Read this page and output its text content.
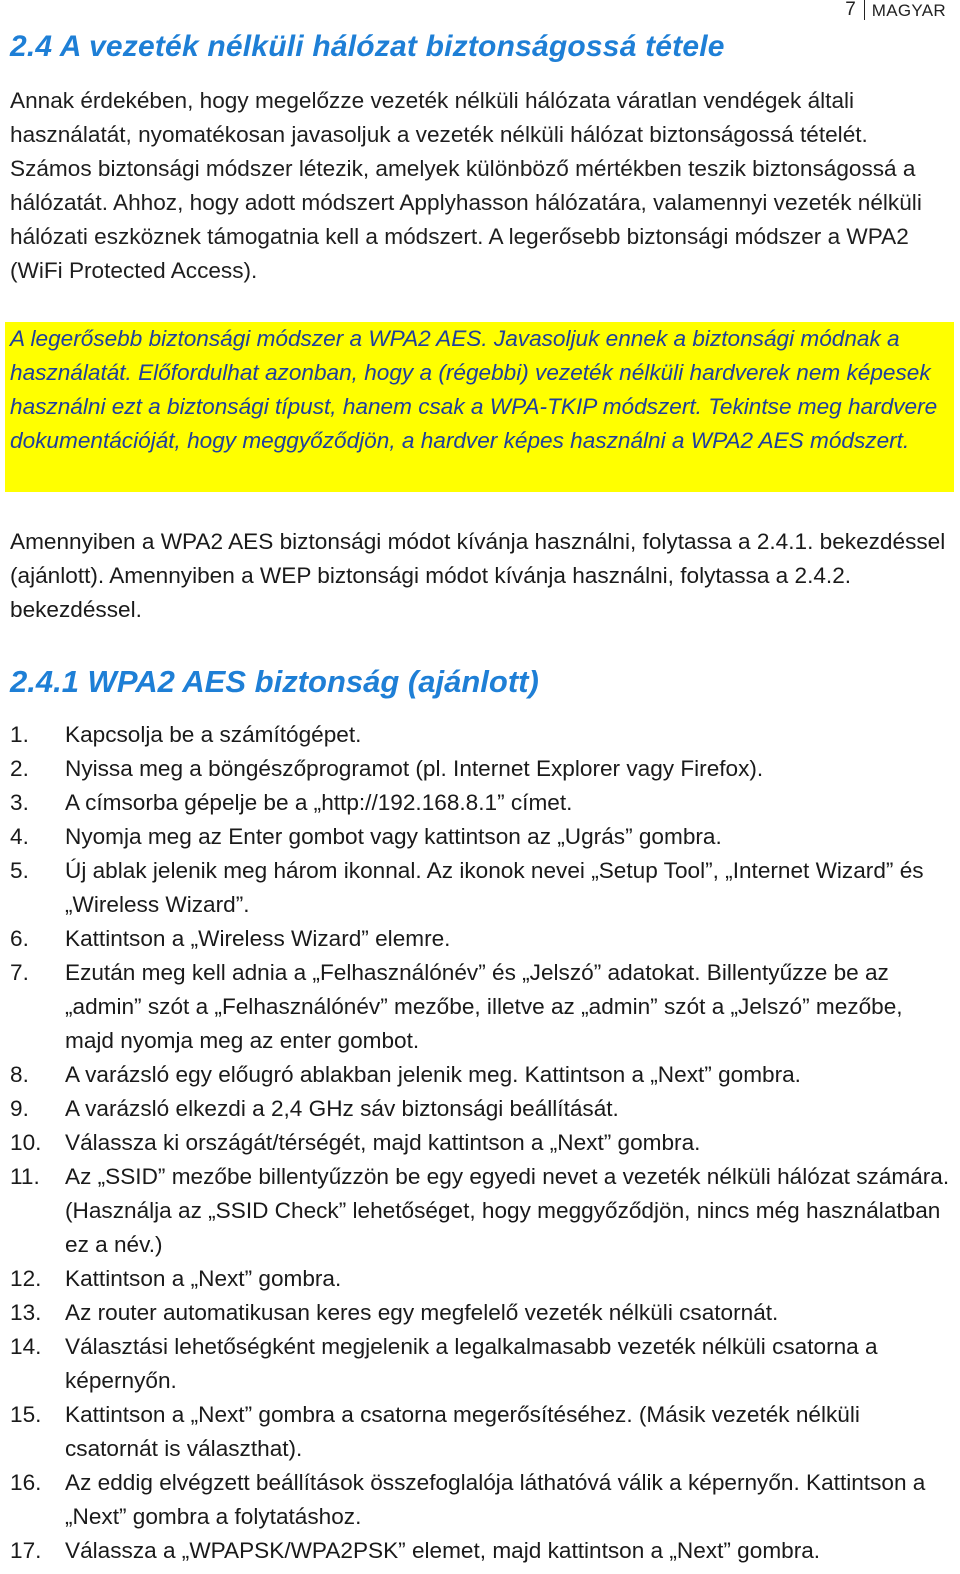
7 MAGYAR
2.4 A vezeték nélküli hálózat biztonságossá tétele

Annak érdekében, hogy megelőzze vezeték nélküli hálózata váratlan vendégek általi használatát, nyomatékosan javasoljuk a vezeték nélküli hálózat biztonságossá tételét. Számos biztonsági módszer létezik, amelyek különböző mértékben teszik biztonságossá a hálózatát. Ahhoz, hogy adott módszert Applyhasson hálózatára, valamennyi vezeték nélküli hálózati eszköznek támogatnia kell a módszert. A legerősebb biztonsági módszer a WPA2 (WiFi Protected Access).

A legerősebb biztonsági módszer a WPA2 AES. Javasoljuk ennek a biztonsági módnak a használatát. Előfordulhat azonban, hogy a (régebbi) vezeték nélküli hardverek nem képesek használni ezt a biztonsági típust, hanem csak a WPA-TKIP módszert. Tekintse meg hardvere dokumentációját, hogy meggyőződjön, a hardver képes használni a WPA2 AES módszert.

Amennyiben a WPA2 AES biztonsági módot kívánja használni, folytassa a 2.4.1. bekezdéssel (ajánlott). Amennyiben a WEP biztonsági módot kívánja használni, folytassa a 2.4.2. bekezdéssel.

2.4.1 WPA2 AES biztonság (ajánlott)
1.	Kapcsolja be a számítógépet.
2.	Nyissa meg a böngészőprogramot (pl. Internet Explorer vagy Firefox).
3.	A címsorba gépelje be a „http://192.168.8.1” címet.
4.	Nyomja meg az Enter gombot vagy kattintson az „Ugrás” gombra.
5.	Új ablak jelenik meg három ikonnal. Az ikonok nevei „Setup Tool”, „Internet Wizard” és „Wireless Wizard”.
6.	Kattintson a „Wireless Wizard” elemre.
7.	Ezután meg kell adnia a „Felhasználónév” és „Jelszó” adatokat. Billentyűzze be az „admin” szót a „Felhasználónév” mezőbe, illetve az „admin” szót a „Jelszó” mezőbe, majd nyomja meg az enter gombot.
8.	A varázsló egy előugró ablakban jelenik meg. Kattintson a „Next” gombra.
9.	A varázsló elkezdi a 2,4 GHz sáv biztonsági beállítását.
10.	Válassza ki országát/térségét, majd kattintson a „Next” gombra.
11.	Az „SSID” mezőbe billentyűzzön be egy egyedi nevet a vezeték nélküli hálózat számára. (Használja az „SSID Check” lehetőséget, hogy meggyőződjön, nincs még használatban ez a név.)
12.	Kattintson a „Next” gombra.
13.	Az router automatikusan keres egy megfelelő vezeték nélküli csatornát.
14.	Választási lehetőségként megjelenik a legalkalmasabb vezeték nélküli csatorna a képernyőn.
15.	Kattintson a „Next” gombra a csatorna megerősítéséhez. (Másik vezeték nélküli csatornát is választhat).
16.	Az eddig elvégzett beállítások összefoglalója láthatóvá válik a képernyőn. Kattintson a „Next” gombra a folytatáshoz.
17.	Válassza a „WPAPSK/WPA2PSK” elemet, majd kattintson a „Next” gombra.
